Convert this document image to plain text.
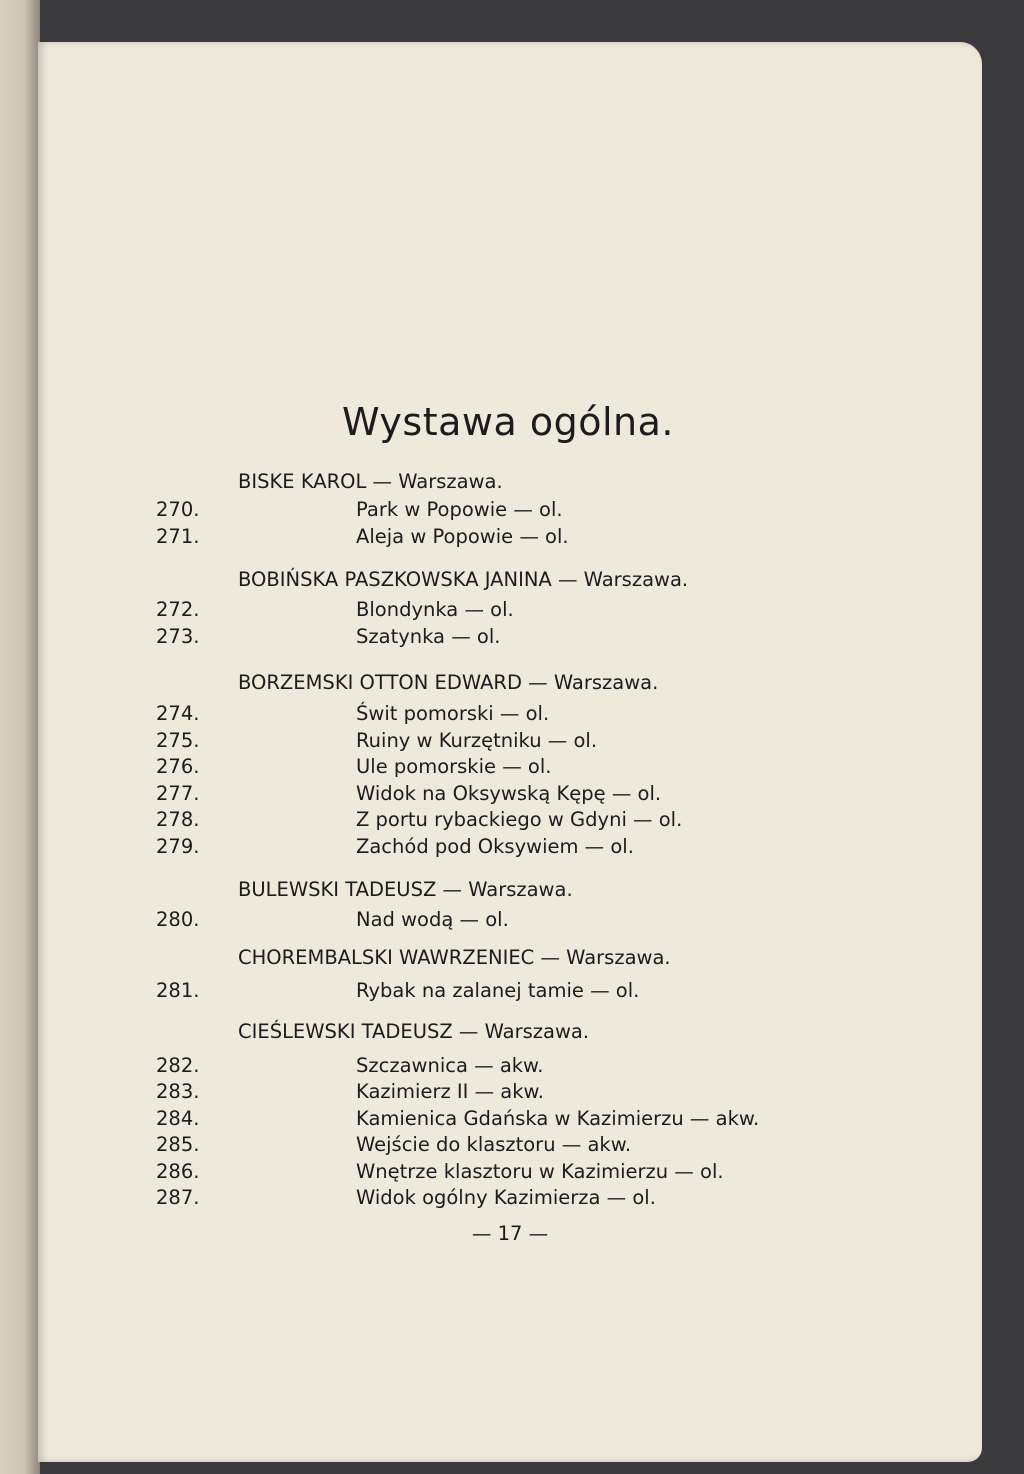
Wystawa ogólna.
BISKE KAROL — Warszawa.
270.	Park w Popowie — ol.
271.	Aleja w Popowie — ol.
BOBIŃSKA PASZKOWSKA JANINA — Warszawa.
272.	Blondynka — ol.
273.	Szatynka — ol.
BORZEMSKI OTTON EDWARD — Warszawa.
274.	Świt pomorski — ol.
275.	Ruiny w Kurzętniku — ol.
276.	Ule pomorskie — ol.
277.	Widok na Oksywską Kępę — ol.
278.	Z portu rybackiego w Gdyni — ol.
279.	Zachód pod Oksywiem — ol.
BULEWSKI TADEUSZ — Warszawa.
280.	Nad wodą — ol.
CHOREMBALSKI WAWRZENIEC — Warszawa.
281.	Rybak na zalanej tamie — ol.
CIEŚLEWSKI TADEUSZ — Warszawa.
282.	Szczawnica — akw.
283.	Kazimierz II — akw.
284.	Kamienica Gdańska w Kazimierzu — akw.
285.	Wejście do klasztoru — akw.
286.	Wnętrze klasztoru w Kazimierzu — ol.
287.	Widok ogólny Kazimierza — ol.
— 17 —
